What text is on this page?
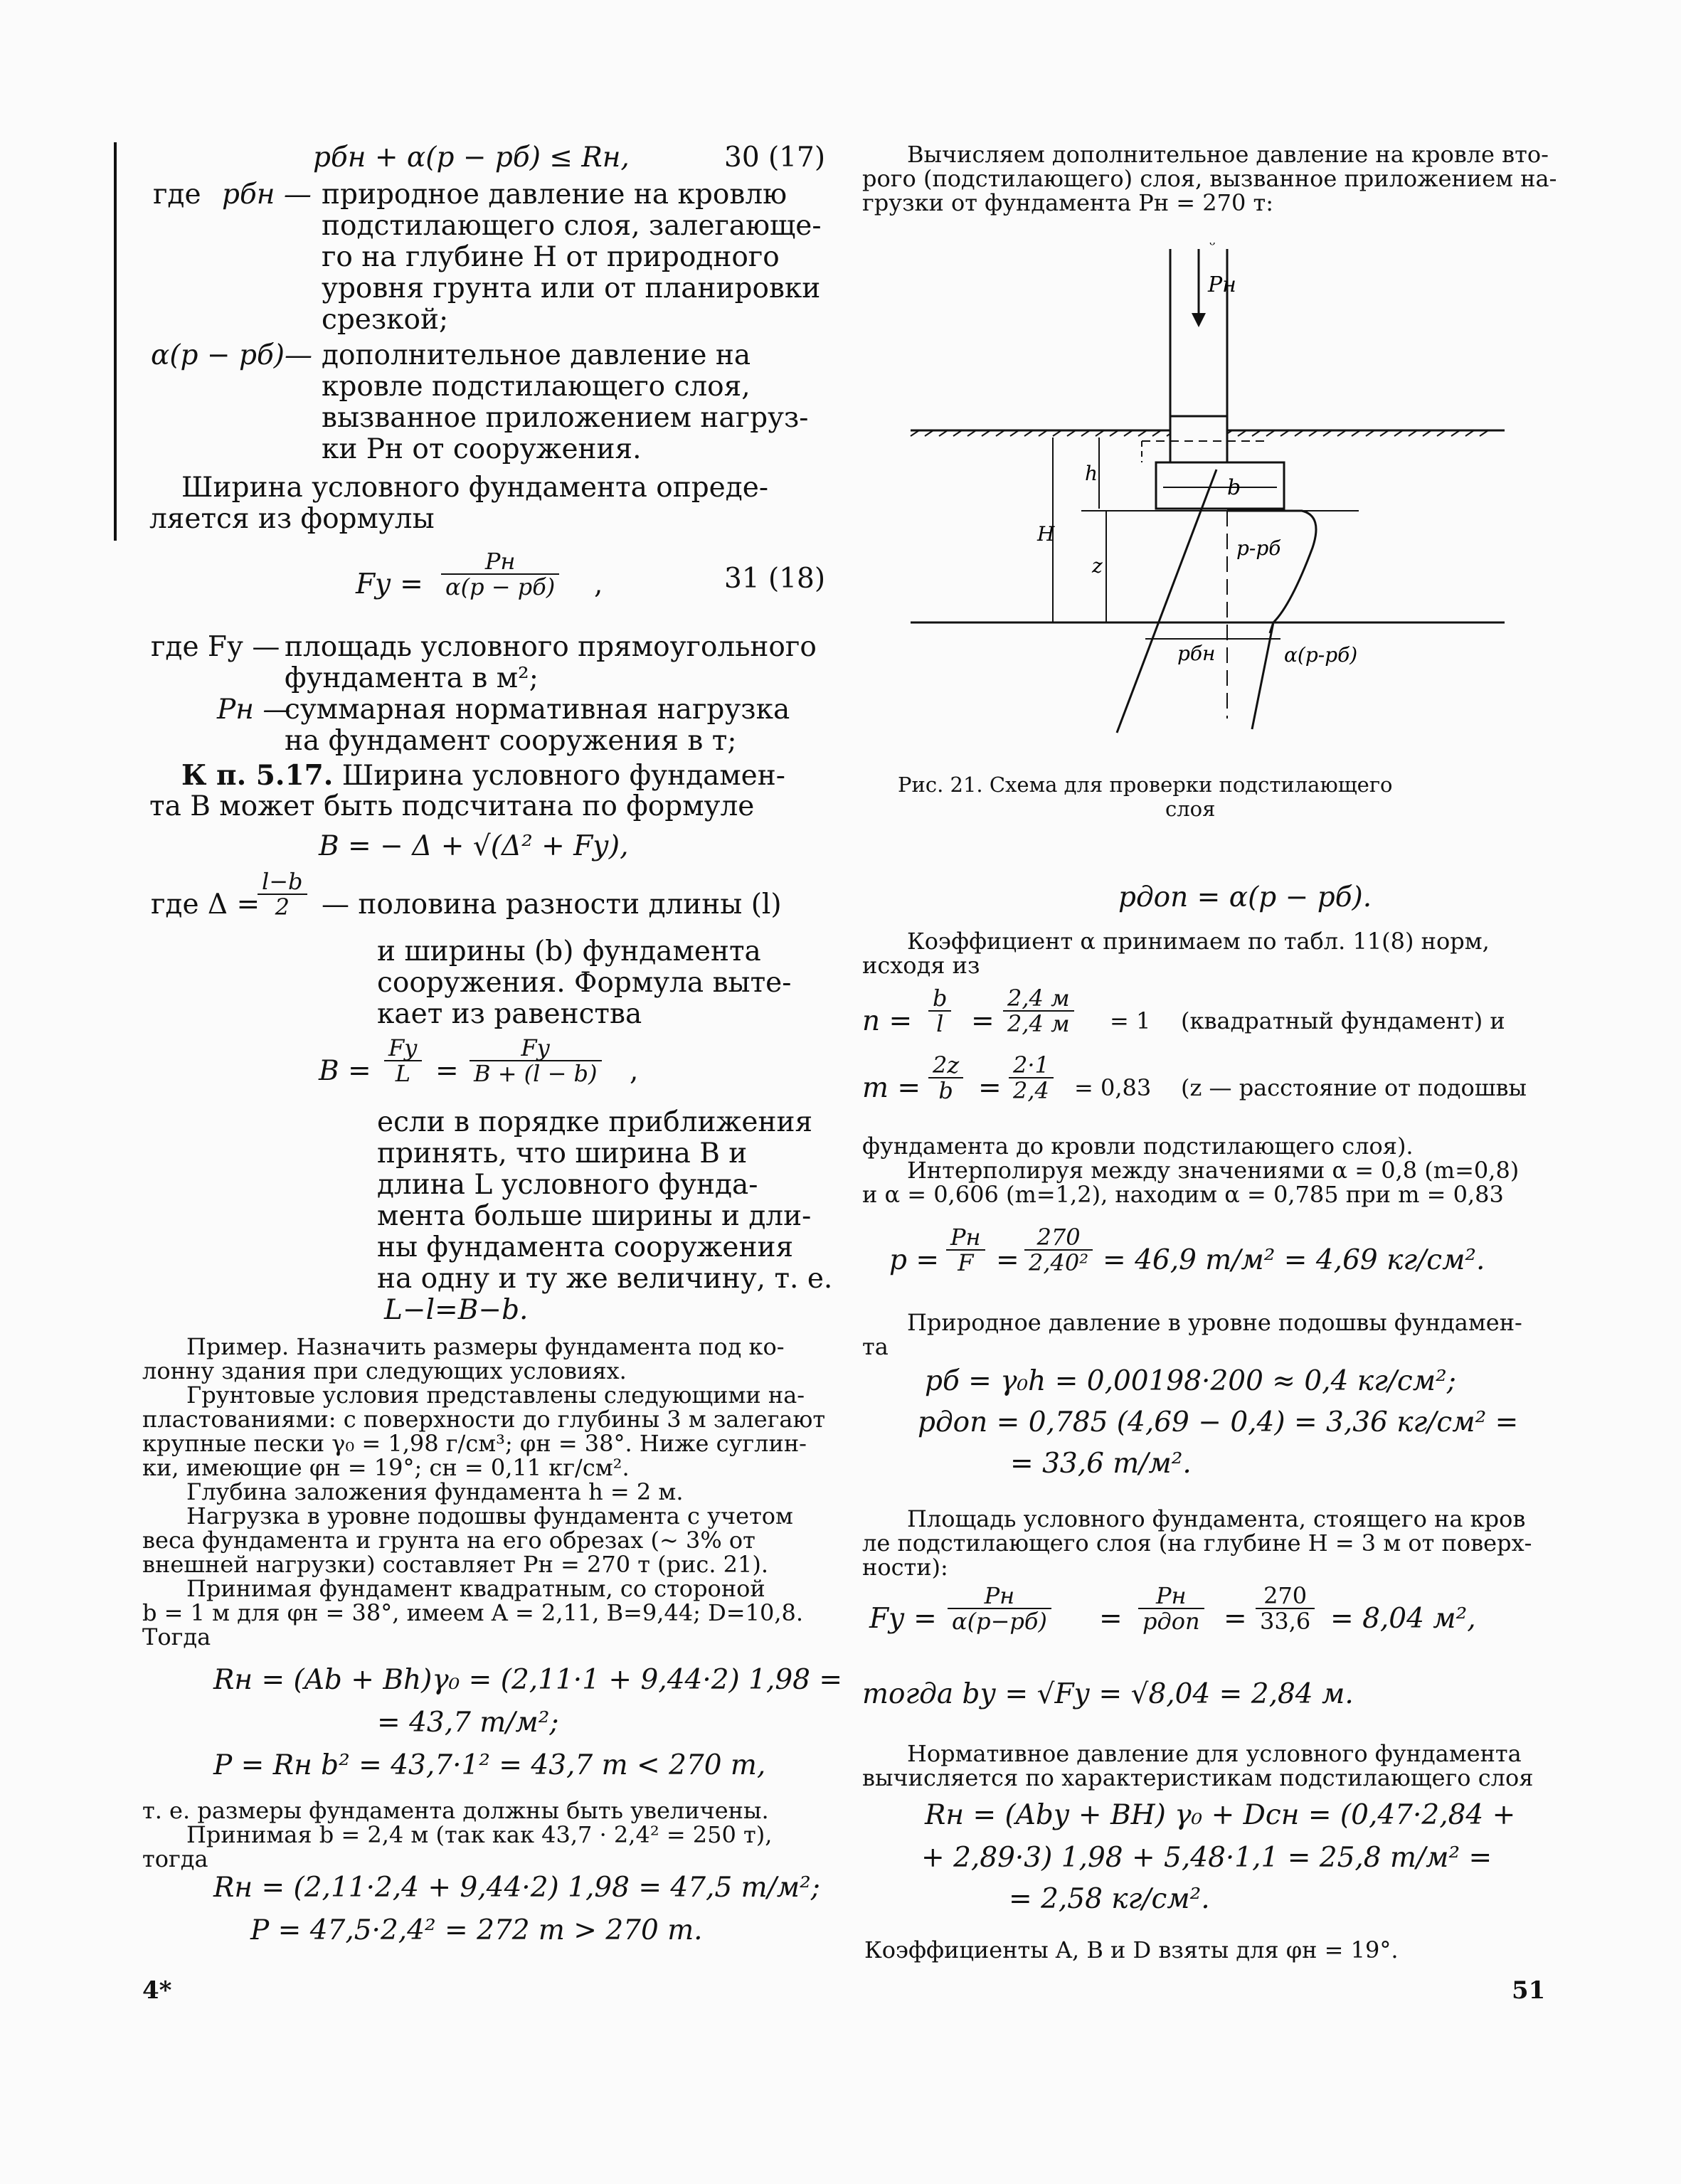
pбн + α(p − pб) ≤ Rн,	30 (17)
где pбн — природное давление на кровлю
подстилающего слоя, залегающе-
го на глубине H от природного
уровня грунта или от планировки
срезкой;
α(p − pб)— дополнительное давление на
кровле подстилающего слоя,
вызванное приложением нагруз-
ки Pн от сооружения.
Ширина условного фундамента опреде-
ляется из формулы
Fу =
Pн
α(p − pб) ,	31 (18)
где Fу — площадь условного прямоугольного
фундамента в м²;
Pн —
суммарная нормативная нагрузка
на фундамент сооружения в т;
К п. 5.17. Ширина условного фундамен-
та B может быть подсчитана по формуле
B = − Δ + √(Δ² + Fу),
где Δ =
$\frac{l-b}{2}$ — половина разности длины (l)
и ширины (b) фундамента
сооружения. Формула выте-
кает из равенства
B =
Fу
L =
Fу
B + (l − b) ,
если в порядке приближения
принять, что ширина B и
длина L условного фунда-
мента больше ширины и дли-
ны фундамента сооружения
на одну и ту же величину, т. е.
L−l=B−b.
Пример. Назначить размеры фундамента под ко-
лонну здания при следующих условиях.
Грунтовые условия представлены следующими на-
пластованиями: с поверхности до глубины 3 м залегают
крупные пески γ₀ = 1,98 г/см³; φн = 38°. Ниже суглин-
ки, имеющие φн = 19°; cн = 0,11 кг/см².
Глубина заложения фундамента h = 2 м.
Нагрузка в уровне подошвы фундамента с учетом
веса фундамента и грунта на его обрезах (~ 3% от
внешней нагрузки) составляет Pн = 270 т (рис. 21).
Принимая фундамент квадратным, со стороной
b = 1 м для φн = 38°, имеем A = 2,11, B=9,44; D=10,8.
Тогда
Rн = (Ab + Bh)γ₀ = (2,11·1 + 9,44·2) 1,98 =
= 43,7 т/м²;
P = Rн b² = 43,7·1² = 43,7 т < 270 т,
т. е. размеры фундамента должны быть увеличены.
Принимая b = 2,4 м (так как 43,7 · 2,4² = 250 т),
тогда
Rн = (2,11·2,4 + 9,44·2) 1,98 = 47,5 т/м²;
P = 47,5·2,4² = 272 т > 270 т.
4*
Вычисляем дополнительное давление на кровле вто-
рого (подстилающего) слоя, вызванное приложением на-
грузки от фундамента Pн = 270 т:
Pн
ᵕ
b
h
H
z
p-pб
pбн	α(p-pб)
Рис. 21. Схема для проверки подстилающего
слоя
pдоп = α(p − pб).
Коэффициент α принимаем по табл. 11(8) норм,
исходя из
$n = \frac{b}{l}$ =
2,4 м
2,4 м = 1 (квадратный фундамент) и
$m = \frac{2z}{b} = \frac{2\cdot 1}{2,4} = 0,83$ (z — расстояние от подошвы
фундамента до кровли подстилающего слоя).
Интерполируя между значениями α = 0,8 (m=0,8)
и α = 0,606 (m=1,2), находим α = 0,785 при m = 0,83
p =
Pн
$F = \frac{270}{\text{2,40²}} = 46,9$ т/м² = 4,69 кг/см².
Природное давление в уровне подошвы фундамен-
та
pб = γ₀h = 0,00198·200 ≈ 0,4 кг/см²;
pдоп = 0,785 (4,69 − 0,4) = 3,36 кг/см² =
= 33,6 т/м².
Площадь условного фундамента, стоящего на кров
ле подстилающего слоя (на глубине H = 3 м от поверх-
ности):
Fу =
Pн
α(p−pб) =
Pн
pдоп = $\frac{270}{33,6} = 8,04$ м²,
тогда bу = √Fу = √8,04 = 2,84 м.
Нормативное давление для условного фундамента
вычисляется по характеристикам подстилающего слоя
Rн = (Abу + BH) γ₀ + Dcн = (0,47·2,84 +
+ 2,89·3) 1,98 + 5,48·1,1 = 25,8 т/м² =
= 2,58 кг/см².
Коэффициенты A, B и D взяты для φн = 19°.
51
